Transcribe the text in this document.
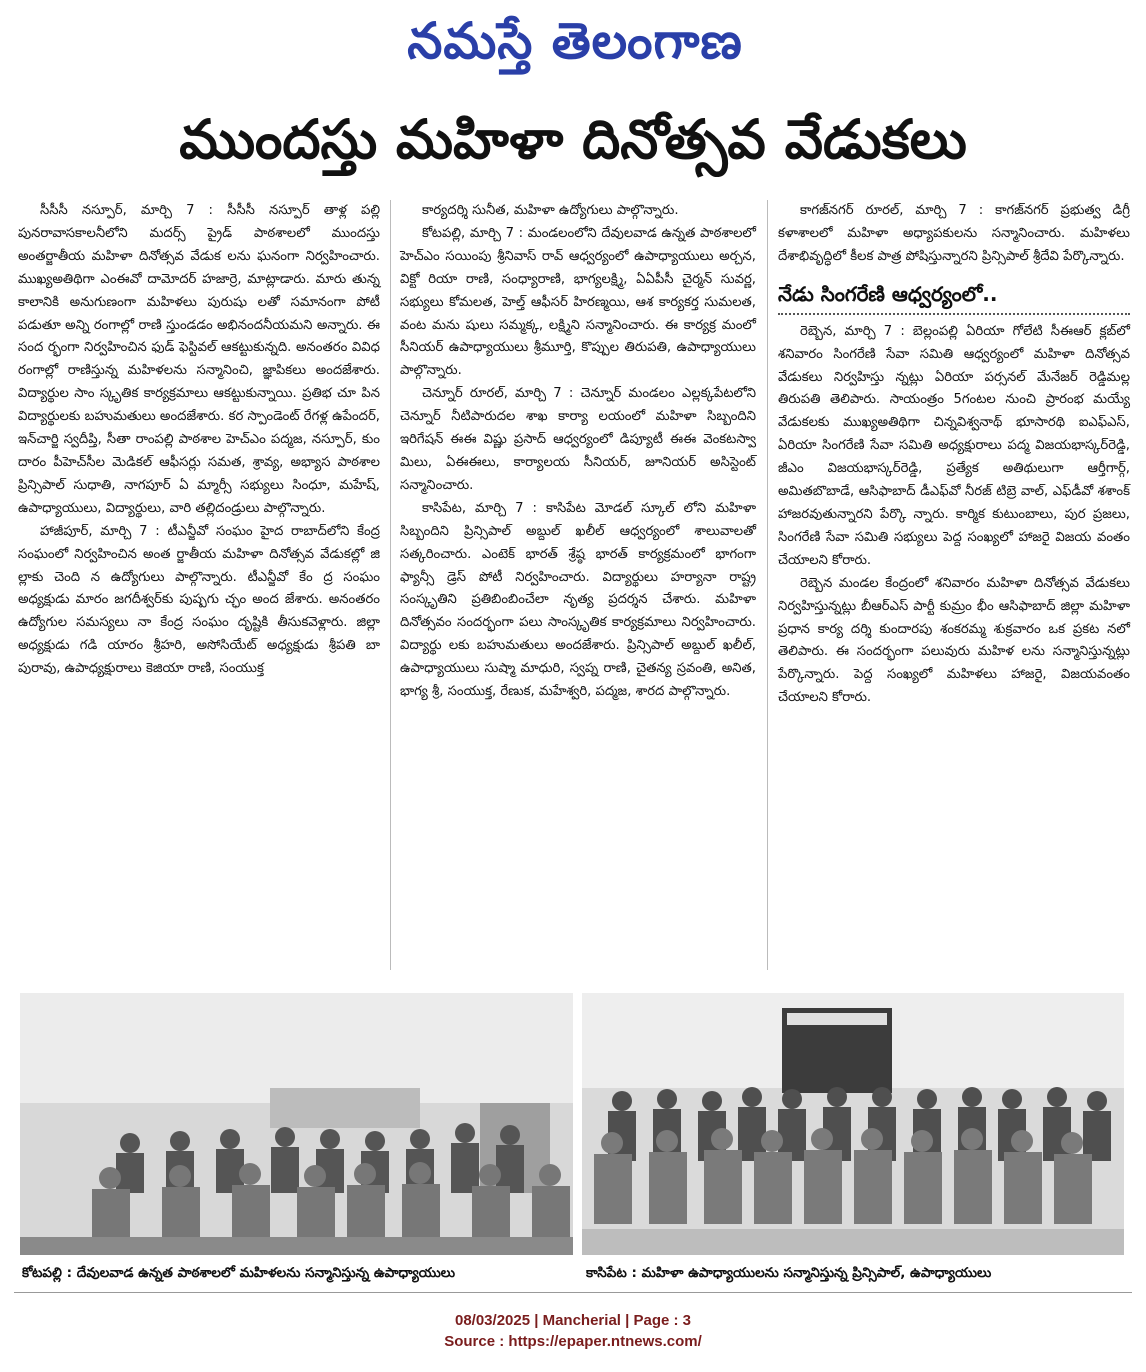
నమస్తే తెలంగాణ
ముందస్తు మహిళా దినోత్సవ వేడుకలు

సీసీసీ నస్పూర్, మార్చి 7 : సీసీసీ నస్పూర్ తాళ్ల పల్లి పునరావాసకాలనీలోని మదర్స్ ప్రైడ్ పాఠశాలలో ముందస్తు అంతర్జాతీయ మహిళా దినోత్సవ వేడుక లను ఘనంగా నిర్వహించారు. ముఖ్యఅతిథిగా ఎంఈవో దామోదర్ హజార్రె, మాట్లాడారు. మారు తున్న కాలానికి అనుగుణంగా మహిళలు పురుషు లతో సమానంగా పోటీ పడుతూ అన్ని రంగాల్లో రాణి స్తుండడం అభినందనీయమని అన్నారు. ఈ సంద ర్భంగా నిర్వహించిన ఫుడ్ ఫెస్టివల్ ఆకట్టుకున్నది. అనంతరం వివిధ రంగాల్లో రాణిస్తున్న మహిళలను సన్మానించి, జ్ఞాపికలు అందజేశారు. విద్యార్థుల సాం స్కృతిక కార్యక్రమాలు ఆకట్టుకున్నాయి. ప్రతిభ చూ పిన విద్యార్థులకు బహుమతులు అందజేశారు. కర స్పాండెంట్ రేగళ్ల ఉపేందర్, ఇన్‌చార్జి స్వదీప్తి, సీతా రాంపల్లి పాఠశాల హెచ్ఎం పద్మజ, నస్పూర్, కుం దారం పీహెచ్‌సీల మెడికల్ ఆఫీసర్లు సమత, శ్రావ్య, అభ్యాస పాఠశాల ప్రిన్సిపాల్ సుధాతి, నాగపూర్ ఏ మ్మార్సీ సభ్యులు సింధూ, మహేష్, ఉపాధ్యాయులు, విద్యార్థులు, వారి తల్లిదండ్రులు పాల్గొన్నారు.

హాజీపూర్, మార్చి 7 : టీఎన్జీవో సంఘం హైద రాబాద్‌లోని కేంద్ర సంఘంలో నిర్వహించిన అంత ర్జాతీయ మహిళా దినోత్సవ వేడుకల్లో జి ల్లాకు చెంది న ఉద్యోగులు పాల్గొన్నారు. టీఎన్జీవో కేం ద్ర సంఘం అధ్యక్షుడు మారం జగదీశ్వర్‌కు పుష్పగు చ్ఛం అంద జేశారు. అనంతరం ఉద్యోగుల సమస్యలు నా కేంద్ర సంఘం దృష్టికి తీసుకవెళ్లారు. జిల్లా అధ్యక్షుడు గడి యారం శ్రీహరి, అసోసియేట్ అధ్యక్షుడు శ్రీపతి బా పురావు, ఉపాధ్యక్షురాలు కెజియా రాణి, సంయుక్త

కార్యదర్శి సునీత, మహిళా ఉద్యోగులు పాల్గొన్నారు.

కోటపల్లి, మార్చి 7 : మండలంలోని దేవులవాడ ఉన్నత పాఠశాలలో హెచ్ఎం సయింపు శ్రీనివాస్ రావ్ ఆధ్వర్యంలో ఉపాధ్యాయులు అర్చన, విక్టో రియా రాణి, సంధ్యారాణి, భాగ్యలక్ష్మి, ఏఏపీసీ చైర్మన్ సువర్ణ, సభ్యులు కోమలత, హెల్త్ ఆఫీసర్ హిరణ్మయి, ఆశ కార్యకర్త సుమలత, వంట మను షులు సమ్మక్క, లక్ష్మిని సన్మానించారు. ఈ కార్యక్ర మంలో సీనియర్ ఉపాధ్యాయులు శ్రీమూర్తి, కొప్పుల తిరుపతి, ఉపాధ్యాయులు పాల్గొన్నారు.

చెన్నూర్ రూరల్, మార్చి 7 : చెన్నూర్ మండలం ఎల్లక్కపేటలోని చెన్నూర్ నీటిపారుదల శాఖ కార్యా లయంలో మహిళా సిబ్బందిని ఇరిగేషన్ ఈఈ విష్ణు ప్రసాద్ ఆధ్వర్యంలో డిప్యూటీ ఈఈ వెంకటస్వా మిలు, ఏఈఈలు, కార్యాలయ సీనియర్, జూనియర్ అసిస్టెంట్ సన్మానించారు.

కాసిపేట, మార్చి 7 : కాసిపేట మోడల్ స్కూల్ లోని మహిళా సిబ్బందిని ప్రిన్సిపాల్ అబ్దుల్ ఖలీల్ ఆధ్వర్యంలో శాలువాలతో సత్కరించారు. ఎంటెక్ భారత్ శ్రేష్ఠ భారత్ కార్యక్రమంలో భాగంగా ఫ్యాన్సీ డ్రెస్ పోటీ నిర్వహించారు. విద్యార్థులు హర్యానా రాష్ట్ర సంస్కృతిని ప్రతిబింబించేలా నృత్య ప్రదర్శన చేశారు. మహిళా దినోత్సవం సందర్భంగా పలు సాంస్కృతిక కార్యక్రమాలు నిర్వహించారు. విద్యార్థు లకు బహుమతులు అందజేశారు. ప్రిన్సిపాల్ అబ్దుల్ ఖలీల్, ఉపాధ్యాయులు సుష్మా మాధురి, స్వప్న రాణి, చైతన్య స్రవంతి, అనిత, భాగ్య శ్రీ, సంయుక్త, రేణుక, మహేశ్వరి, పద్మజ, శారద పాల్గొన్నారు.

కాగజ్‌నగర్ రూరల్, మార్చి 7 : కాగజ్‌నగర్ ప్రభుత్వ డిగ్రీ కళాశాలలో మహిళా అధ్యాపకులను సన్మానించారు. మహిళలు దేశాభివృద్ధిలో కీలక పాత్ర పోషిస్తున్నారని ప్రిన్సిపాల్ శ్రీదేవి పేర్కొన్నారు.

నేడు సింగరేణి ఆధ్వర్యంలో..

రెబ్బెన, మార్చి 7 : బెల్లంపల్లి ఏరియా గోలేటి సీఈఆర్ క్లబ్‌లో శనివారం సింగరేణి సేవా సమితి ఆధ్వర్యంలో మహిళా దినోత్సవ వేడుకలు నిర్వహిస్తు న్నట్లు ఏరియా పర్సనల్ మేనేజర్ రెడ్డిమల్ల తిరుపతి తెలిపారు. సాయంత్రం 5గంటల నుంచి ప్రారంభ మయ్యే వేడుకలకు ముఖ్యఅతిథిగా చిన్నవిశ్వనాథ్ భూసారథి ఐఎఫ్ఎస్, ఏరియా సింగరేణి సేవా సమితి అధ్యక్షురాలు పద్మ విజయభాస్కర్‌రెడ్డి, జీఎం విజయభాస్కర్‌రెడ్డి, ప్రత్యేక అతిథులుగా ఆర్తీగార్గ్, అమితబొబాడే, ఆసిఫాబాద్ డీఎఫ్‌వో నీరజ్ టిబ్రె వాల్, ఎఫ్‌డీవో శశాంక్ హాజరవుతున్నారని పేర్కొ న్నారు. కార్మిక కుటుంబాలు, పుర ప్రజలు, సింగరేణి సేవా సమితి సభ్యులు పెద్ద సంఖ్యలో హాజరై విజయ వంతం చేయాలని కోరారు.

రెబ్బెన మండల కేంద్రంలో శనివారం మహిళా దినోత్సవ వేడుకలు నిర్వహిస్తున్నట్లు బీఆర్ఎస్ పార్టీ కుమ్రం భీం ఆసిఫాబాద్ జిల్లా మహిళా ప్రధాన కార్య దర్శి కుందారపు శంకరమ్మ శుక్రవారం ఒక ప్రకట నలో తెలిపారు. ఈ సందర్భంగా పలువురు మహిళ లను సన్మానిస్తున్నట్లు పేర్కొన్నారు. పెద్ద సంఖ్యలో మహిళలు హాజరై, విజయవంతం చేయాలని కోరారు.

కోటపల్లి : దేవులవాడ ఉన్నత పాఠశాలలో మహిళలను సన్మానిస్తున్న ఉపాధ్యాయులు	కాసిపేట : మహిళా ఉపాధ్యాయులను సన్మానిస్తున్న ప్రిన్సిపాల్, ఉపాధ్యాయులు
08/03/2025 | Mancherial | Page : 3
Source : https://epaper.ntnews.com/
